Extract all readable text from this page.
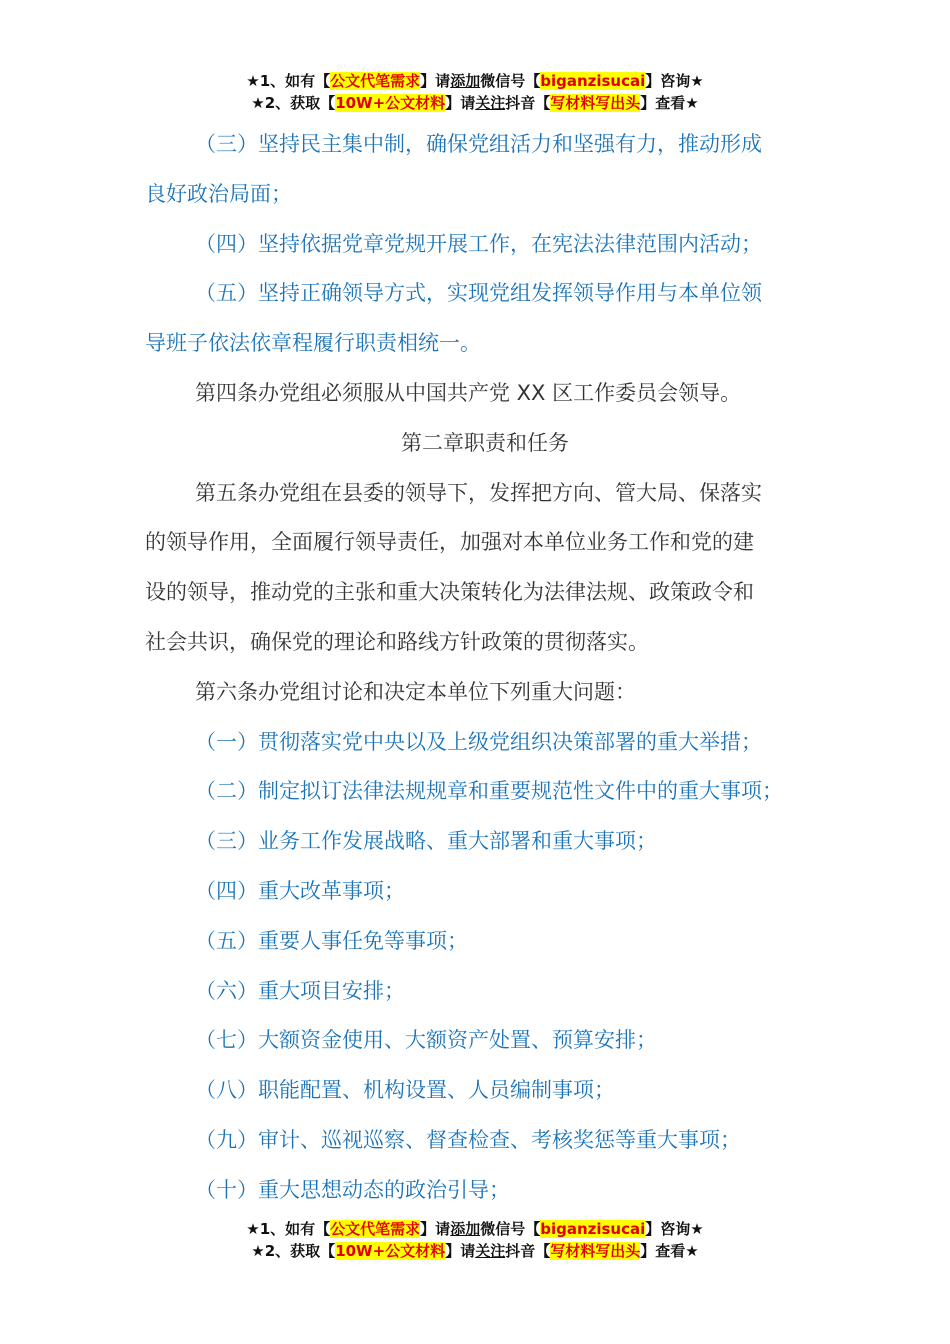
★1、如有【公文代笔需求】请添加微信号【biganzisucai】咨询★
★2、获取【10W+公文材料】请关注抖音【写材料写出头】查看★

（三）坚持民主集中制，确保党组活力和坚强有力，推动形成

良好政治局面；

（四）坚持依据党章党规开展工作，在宪法法律范围内活动；

（五）坚持正确领导方式，实现党组发挥领导作用与本单位领

导班子依法依章程履行职责相统一。

第四条办党组必须服从中国共产党 XX 区工作委员会领导。

第二章职责和任务

第五条办党组在县委的领导下，发挥把方向、管大局、保落实

的领导作用，全面履行领导责任，加强对本单位业务工作和党的建

设的领导，推动党的主张和重大决策转化为法律法规、政策政令和

社会共识，确保党的理论和路线方针政策的贯彻落实。

第六条办党组讨论和决定本单位下列重大问题：

（一）贯彻落实党中央以及上级党组织决策部署的重大举措；

（二）制定拟订法律法规规章和重要规范性文件中的重大事项；

（三）业务工作发展战略、重大部署和重大事项；

（四）重大改革事项；

（五）重要人事任免等事项；

（六）重大项目安排；

（七）大额资金使用、大额资产处置、预算安排；

（八）职能配置、机构设置、人员编制事项；

（九）审计、巡视巡察、督查检查、考核奖惩等重大事项；

（十）重大思想动态的政治引导；

★1、如有【公文代笔需求】请添加微信号【biganzisucai】咨询★
★2、获取【10W+公文材料】请关注抖音【写材料写出头】查看★
